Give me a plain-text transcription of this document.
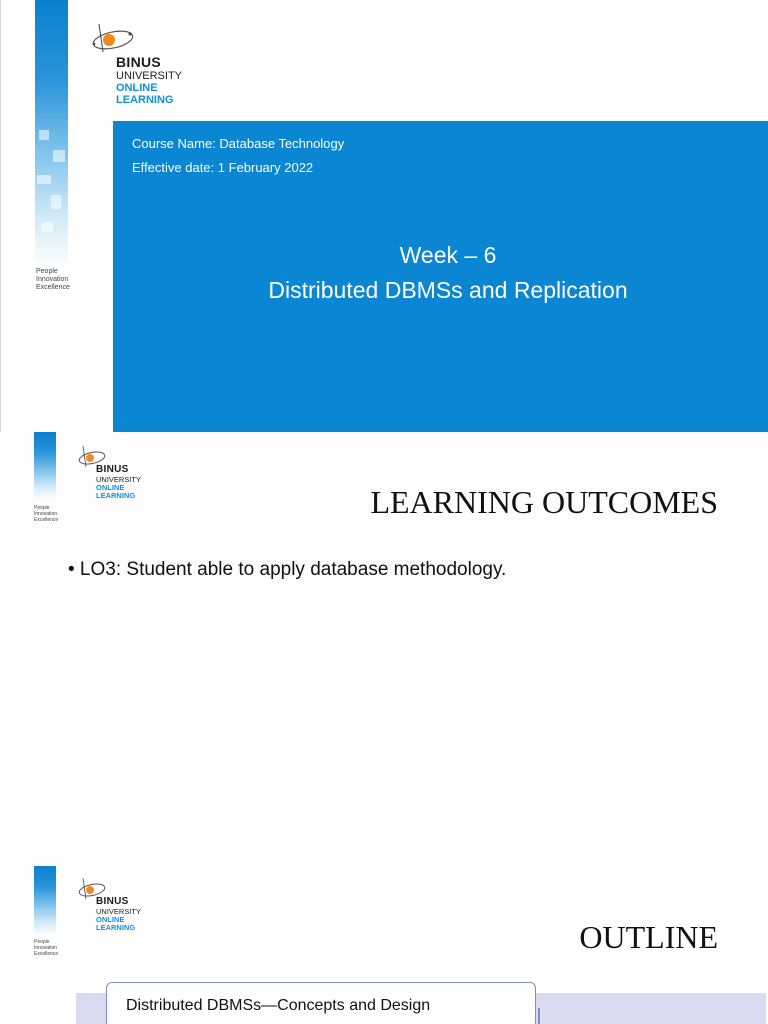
People
Innovation
Excellence
BINUS
UNIVERSITY
ONLINE
LEARNING
Course Name: Database Technology
Effective date: 1 February 2022
Week – 6
Distributed DBMSs and Replication
People
Innovation
Excellence
BINUS
UNIVERSITY
ONLINE
LEARNING	LEARNING OUTCOMES
• LO3: Student able to apply database methodology.
People
Innovation
Excellence
BINUS
UNIVERSITY
ONLINE
LEARNING	OUTLINE
Distributed DBMSs—Concepts and Design
